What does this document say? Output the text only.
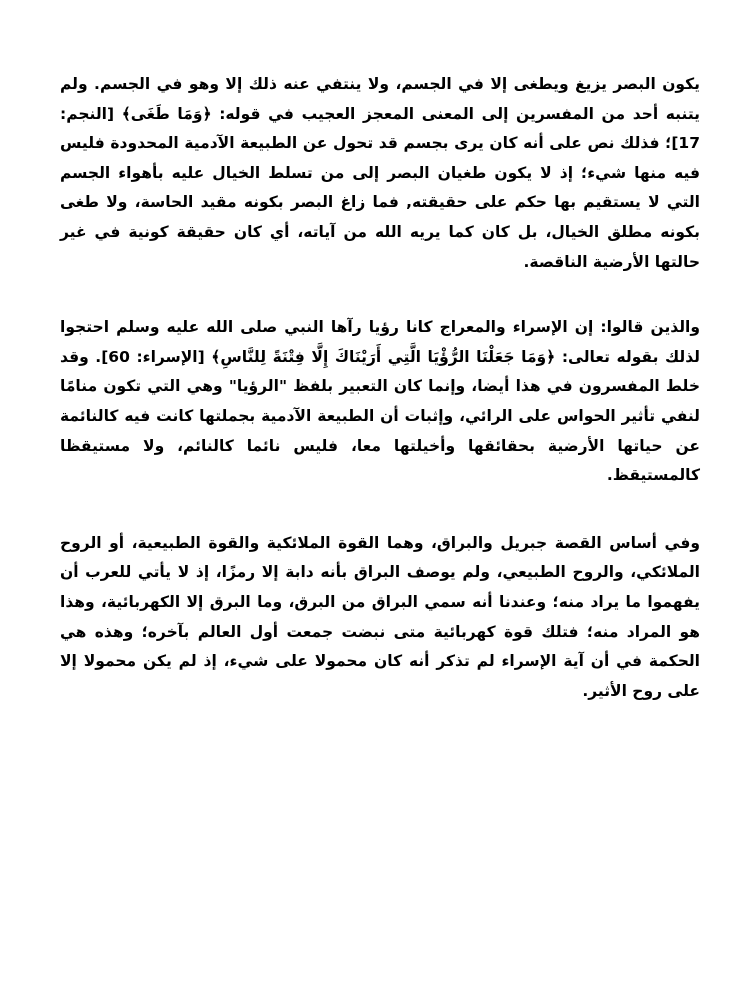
يكون البصر يزيغ ويطغى إلا في الجسم، ولا ينتفي عنه ذلك إلا وهو في الجسم. ولم يتنبه أحد من المفسرين إلى المعنى المعجز العجيب في قوله: ﴿وَمَا طَغَى﴾ [النجم: 17]؛ فذلك نص على أنه كان يرى بجسم قد تحول عن الطبيعة الآدمية المحدودة فليس فيه منها شيء؛ إذ لا يكون طغيان البصر إلى من تسلط الخيال عليه بأهواء الجسم التي لا يستقيم بها حكم على حقيقته, فما زاغ البصر بكونه مقيد الحاسة، ولا طغى بكونه مطلق الخيال، بل كان كما يريه الله من آياته، أي كان حقيقة كونية في غير حالتها الأرضية الناقصة.

والذين قالوا: إن الإسراء والمعراج كانا رؤيا رآها النبي صلى الله عليه وسلم احتجوا لذلك بقوله تعالى: ﴿وَمَا جَعَلْنَا الرُّؤْيَا الَّتِي أَرَيْنَاكَ إِلَّا فِتْنَةً لِلنَّاسِ﴾ [الإسراء: 60]. وقد خلط المفسرون في هذا أيضا، وإنما كان التعبير بلفظ "الرؤيا" وهي التي تكون منامًا لنفي تأثير الحواس على الرائي، وإثبات أن الطبيعة الآدمية بجملتها كانت فيه كالنائمة عن حياتها الأرضية بحقائقها وأخيلتها معا، فليس نائما كالنائم، ولا مستيقظا كالمستيقظ.

وفي أساس القصة جبريل والبراق، وهما القوة الملائكية والقوة الطبيعية، أو الروح الملائكي، والروح الطبيعي، ولم يوصف البراق بأنه دابة إلا رمزًا، إذ لا يأتي للعرب أن يفهموا ما يراد منه؛ وعندنا أنه سمي البراق من البرق، وما البرق إلا الكهربائية، وهذا هو المراد منه؛ فتلك قوة كهربائية متى نبضت جمعت أول العالم بآخره؛ وهذه هي الحكمة في أن آية الإسراء لم تذكر أنه كان محمولا على شيء، إذ لم يكن محمولا إلا على روح الأثير.
